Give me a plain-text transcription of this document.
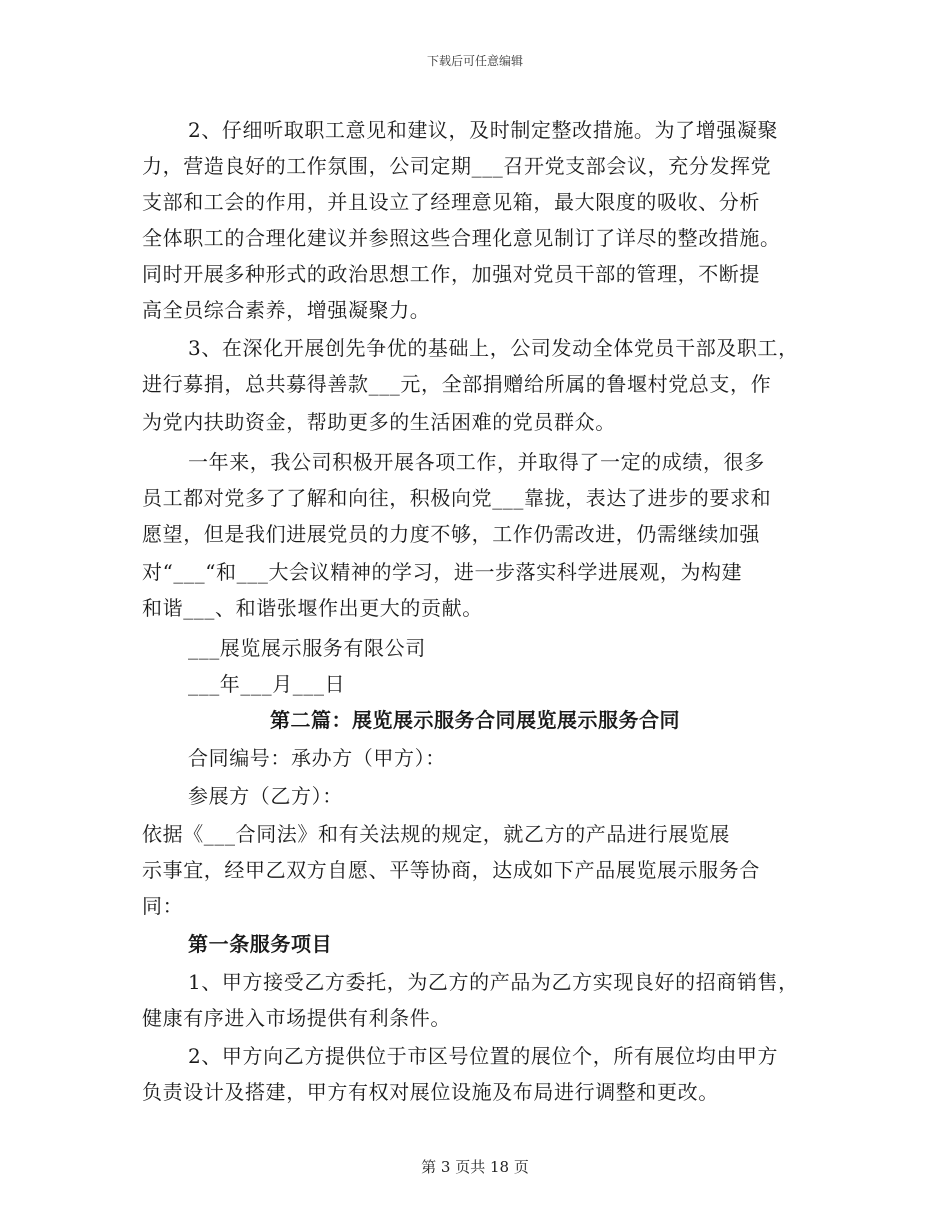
下载后可任意编辑
2、仔细听取职工意见和建议，及时制定整改措施。为了增强凝聚
力，营造良好的工作氛围，公司定期___召开党支部会议，充分发挥党
支部和工会的作用，并且设立了经理意见箱，最大限度的吸收、分析
全体职工的合理化建议并参照这些合理化意见制订了详尽的整改措施。
同时开展多种形式的政治思想工作，加强对党员干部的管理，不断提
高全员综合素养，增强凝聚力。
3、在深化开展创先争优的基础上，公司发动全体党员干部及职工，
进行募捐，总共募得善款___元，全部捐赠给所属的鲁堰村党总支，作
为党内扶助资金，帮助更多的生活困难的党员群众。
一年来，我公司积极开展各项工作，并取得了一定的成绩，很多
员工都对党多了了解和向往，积极向党___靠拢，表达了进步的要求和
愿望，但是我们进展党员的力度不够，工作仍需改进，仍需继续加强
对“___“和___大会议精神的学习，进一步落实科学进展观，为构建
和谐___、和谐张堰作出更大的贡献。
___展览展示服务有限公司
___年___月___日
第二篇：展览展示服务合同展览展示服务合同
合同编号：承办方（甲方）：
参展方（乙方）：
依据《___合同法》和有关法规的规定，就乙方的产品进行展览展
示事宜，经甲乙双方自愿、平等协商，达成如下产品展览展示服务合
同：
第一条服务项目
1、甲方接受乙方委托，为乙方的产品为乙方实现良好的招商销售，
健康有序进入市场提供有利条件。
2、甲方向乙方提供位于市区号位置的展位个，所有展位均由甲方
负责设计及搭建，甲方有权对展位设施及布局进行调整和更改。
第 3 页共 18 页
